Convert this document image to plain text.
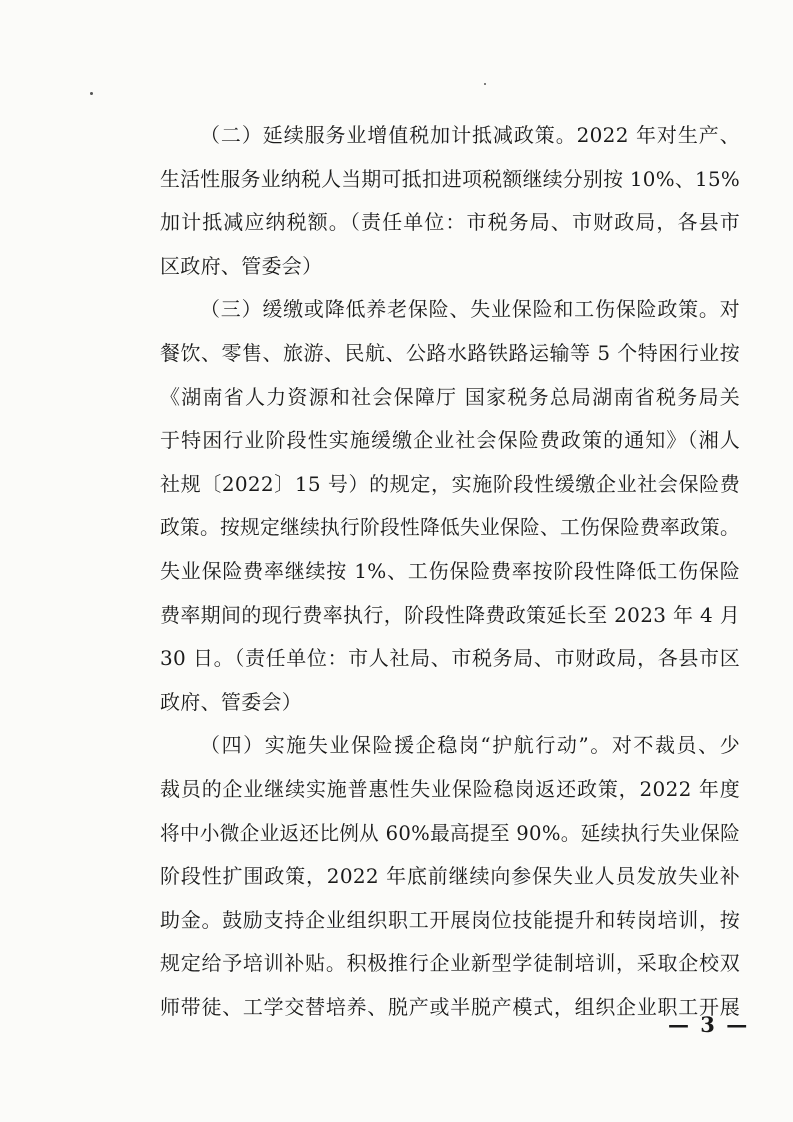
（二）延续服务业增值税加计抵减政策。2022 年对生产、
生活性服务业纳税人当期可抵扣进项税额继续分别按 10%、15%
加计抵减应纳税额。（责任单位：市税务局、市财政局，各县市
区政府、管委会）
（三）缓缴或降低养老保险、失业保险和工伤保险政策。对
餐饮、零售、旅游、民航、公路水路铁路运输等 5 个特困行业按
《湖南省人力资源和社会保障厅 国家税务总局湖南省税务局关
于特困行业阶段性实施缓缴企业社会保险费政策的通知》（湘人
社规〔2022〕15 号）的规定，实施阶段性缓缴企业社会保险费
政策。按规定继续执行阶段性降低失业保险、工伤保险费率政策。
失业保险费率继续按 1%、工伤保险费率按阶段性降低工伤保险
费率期间的现行费率执行，阶段性降费政策延长至 2023 年 4 月
30 日。（责任单位：市人社局、市税务局、市财政局，各县市区
政府、管委会）
（四）实施失业保险援企稳岗“护航行动”。对不裁员、少
裁员的企业继续实施普惠性失业保险稳岗返还政策，2022 年度
将中小微企业返还比例从 60%最高提至 90%。延续执行失业保险
阶段性扩围政策，2022 年底前继续向参保失业人员发放失业补
助金。鼓励支持企业组织职工开展岗位技能提升和转岗培训，按
规定给予培训补贴。积极推行企业新型学徒制培训，采取企校双
师带徒、工学交替培养、脱产或半脱产模式，组织企业职工开展
— 3 —
